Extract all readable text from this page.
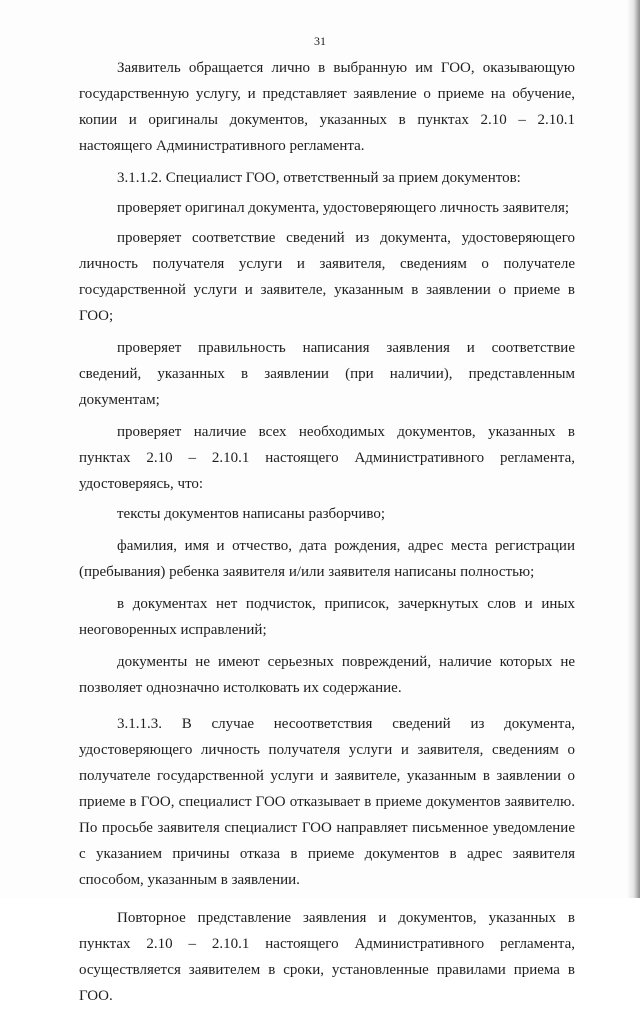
31

Заявитель обращается лично в выбранную им ГОО, оказывающую государственную услугу, и представляет заявление о приеме на обучение, копии и оригиналы документов, указанных в пунктах 2.10 – 2.10.1 настоящего Административного регламента.

3.1.1.2. Специалист ГОО, ответственный за прием документов:

проверяет оригинал документа, удостоверяющего личность заявителя;

проверяет соответствие сведений из документа, удостоверяющего личность получателя услуги и заявителя, сведениям о получателе государственной услуги и заявителе, указанным в заявлении о приеме в ГОО;

проверяет правильность написания заявления и соответствие сведений, указанных в заявлении (при наличии), представленным документам;

проверяет наличие всех необходимых документов, указанных в пунктах 2.10 – 2.10.1 настоящего Административного регламента, удостоверяясь, что:

тексты документов написаны разборчиво;

фамилия, имя и отчество, дата рождения, адрес места регистрации (пребывания) ребенка заявителя и/или заявителя написаны полностью;

в документах нет подчисток, приписок, зачеркнутых слов и иных неоговоренных исправлений;

документы не имеют серьезных повреждений, наличие которых не позволяет однозначно истолковать их содержание.

3.1.1.3. В случае несоответствия сведений из документа, удостоверяющего личность получателя услуги и заявителя, сведениям о получателе государственной услуги и заявителе, указанным в заявлении о приеме в ГОО, специалист ГОО отказывает в приеме документов заявителю. По просьбе заявителя специалист ГОО направляет письменное уведомление с указанием причины отказа в приеме документов в адрес заявителя способом, указанным в заявлении.

Повторное представление заявления и документов, указанных в пунктах 2.10 – 2.10.1 настоящего Административного регламента, осуществляется заявителем в сроки, установленные правилами приема в ГОО.
